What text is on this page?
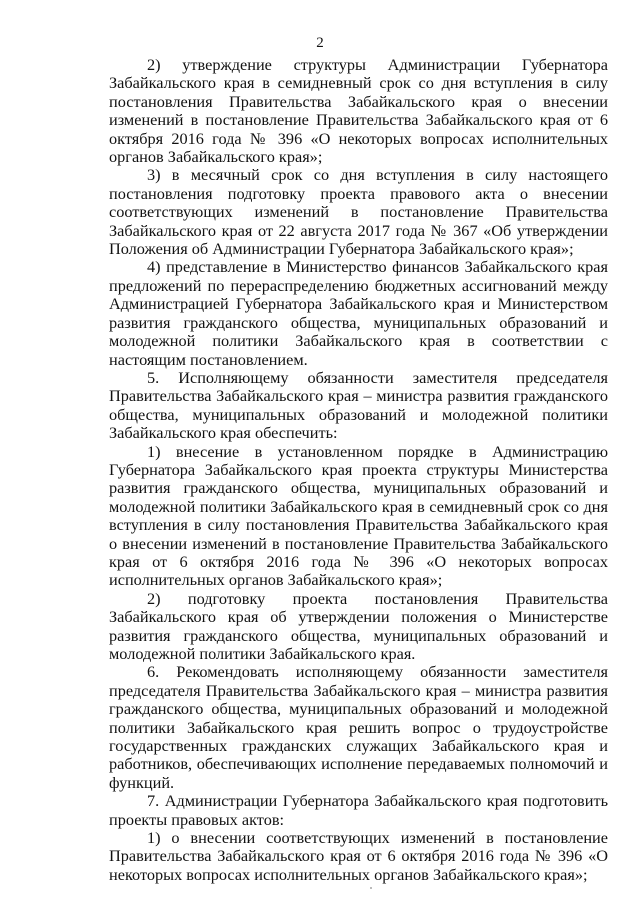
2

2) утверждение структуры Администрации Губернатора Забайкальского края в семидневный срок со дня вступления в силу постановления Правительства Забайкальского края о внесении изменений в постановление Правительства Забайкальского края от 6 октября 2016 года № 396 «О некоторых вопросах исполнительных органов Забайкальского края»;

3) в месячный срок со дня вступления в силу настоящего постановления подготовку проекта правового акта о внесении соответствующих изменений в постановление Правительства Забайкальского края от 22 августа 2017 года № 367 «Об утверждении Положения об Администрации Губернатора Забайкальского края»;

4) представление в Министерство финансов Забайкальского края предложений по перераспределению бюджетных ассигнований между Администрацией Губернатора Забайкальского края и Министерством развития гражданского общества, муниципальных образований и молодежной политики Забайкальского края в соответствии с настоящим постановлением.

5. Исполняющему обязанности заместителя председателя Правительства Забайкальского края – министра развития гражданского общества, муниципальных образований и молодежной политики Забайкальского края обеспечить:

1) внесение в установленном порядке в Администрацию Губернатора Забайкальского края проекта структуры Министерства развития гражданского общества, муниципальных образований и молодежной политики Забайкальского края в семидневный срок со дня вступления в силу постановления Правительства Забайкальского края о внесении изменений в постановление Правительства Забайкальского края от 6 октября 2016 года № 396 «О некоторых вопросах исполнительных органов Забайкальского края»;

2) подготовку проекта постановления Правительства Забайкальского края об утверждении положения о Министерстве развития гражданского общества, муниципальных образований и молодежной политики Забайкальского края.

6. Рекомендовать исполняющему обязанности заместителя председателя Правительства Забайкальского края – министра развития гражданского общества, муниципальных образований и молодежной политики Забайкальского края решить вопрос о трудоустройстве государственных гражданских служащих Забайкальского края и работников, обеспечивающих исполнение передаваемых полномочий и функций.

7. Администрации Губернатора Забайкальского края подготовить проекты правовых актов:

1) о внесении соответствующих изменений в постановление Правительства Забайкальского края от 6 октября 2016 года № 396 «О некоторых вопросах исполнительных органов Забайкальского края»;
